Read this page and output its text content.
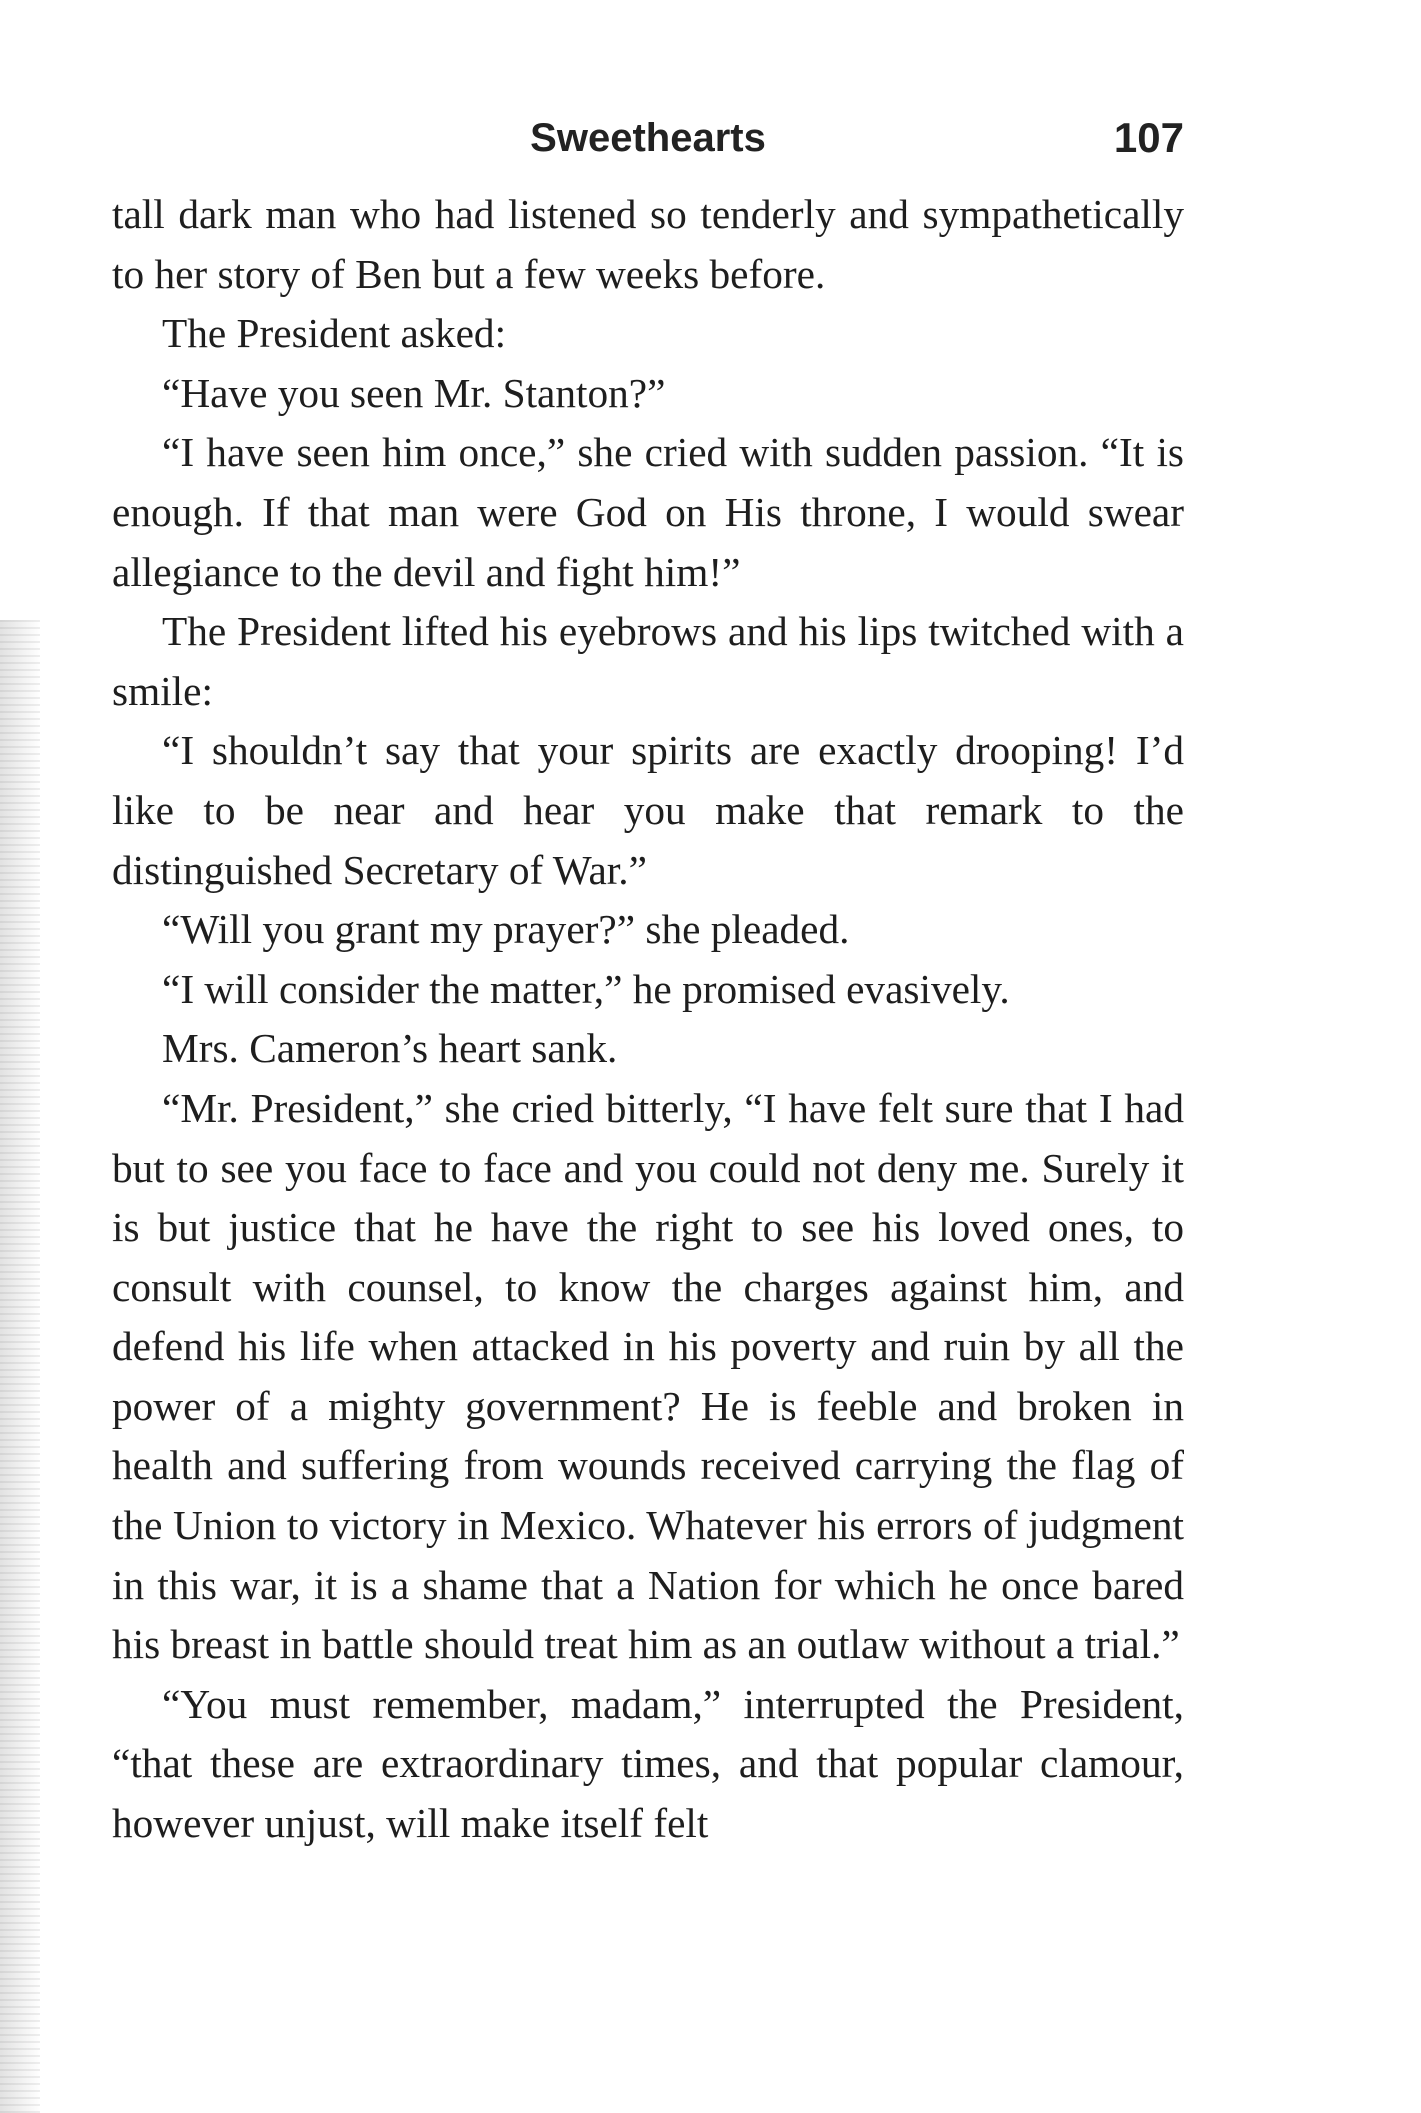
Sweethearts	107

tall dark man who had listened so tenderly and sympathetically to her story of Ben but a few weeks before.

The President asked:

“Have you seen Mr. Stanton?”

“I have seen him once,” she cried with sudden passion. “It is enough. If that man were God on His throne, I would swear allegiance to the devil and fight him!”

The President lifted his eyebrows and his lips twitched with a smile:

“I shouldn’t say that your spirits are exactly drooping! I’d like to be near and hear you make that remark to the distinguished Secretary of War.”

“Will you grant my prayer?” she pleaded.

“I will consider the matter,” he promised evasively.

Mrs. Cameron’s heart sank.

“Mr. President,” she cried bitterly, “I have felt sure that I had but to see you face to face and you could not deny me. Surely it is but justice that he have the right to see his loved ones, to consult with counsel, to know the charges against him, and defend his life when attacked in his poverty and ruin by all the power of a mighty government? He is feeble and broken in health and suffering from wounds received carrying the flag of the Union to victory in Mexico. Whatever his errors of judgment in this war, it is a shame that a Nation for which he once bared his breast in battle should treat him as an outlaw without a trial.”

“You must remember, madam,” interrupted the President, “that these are extraordinary times, and that popular clamour, however unjust, will make itself felt
